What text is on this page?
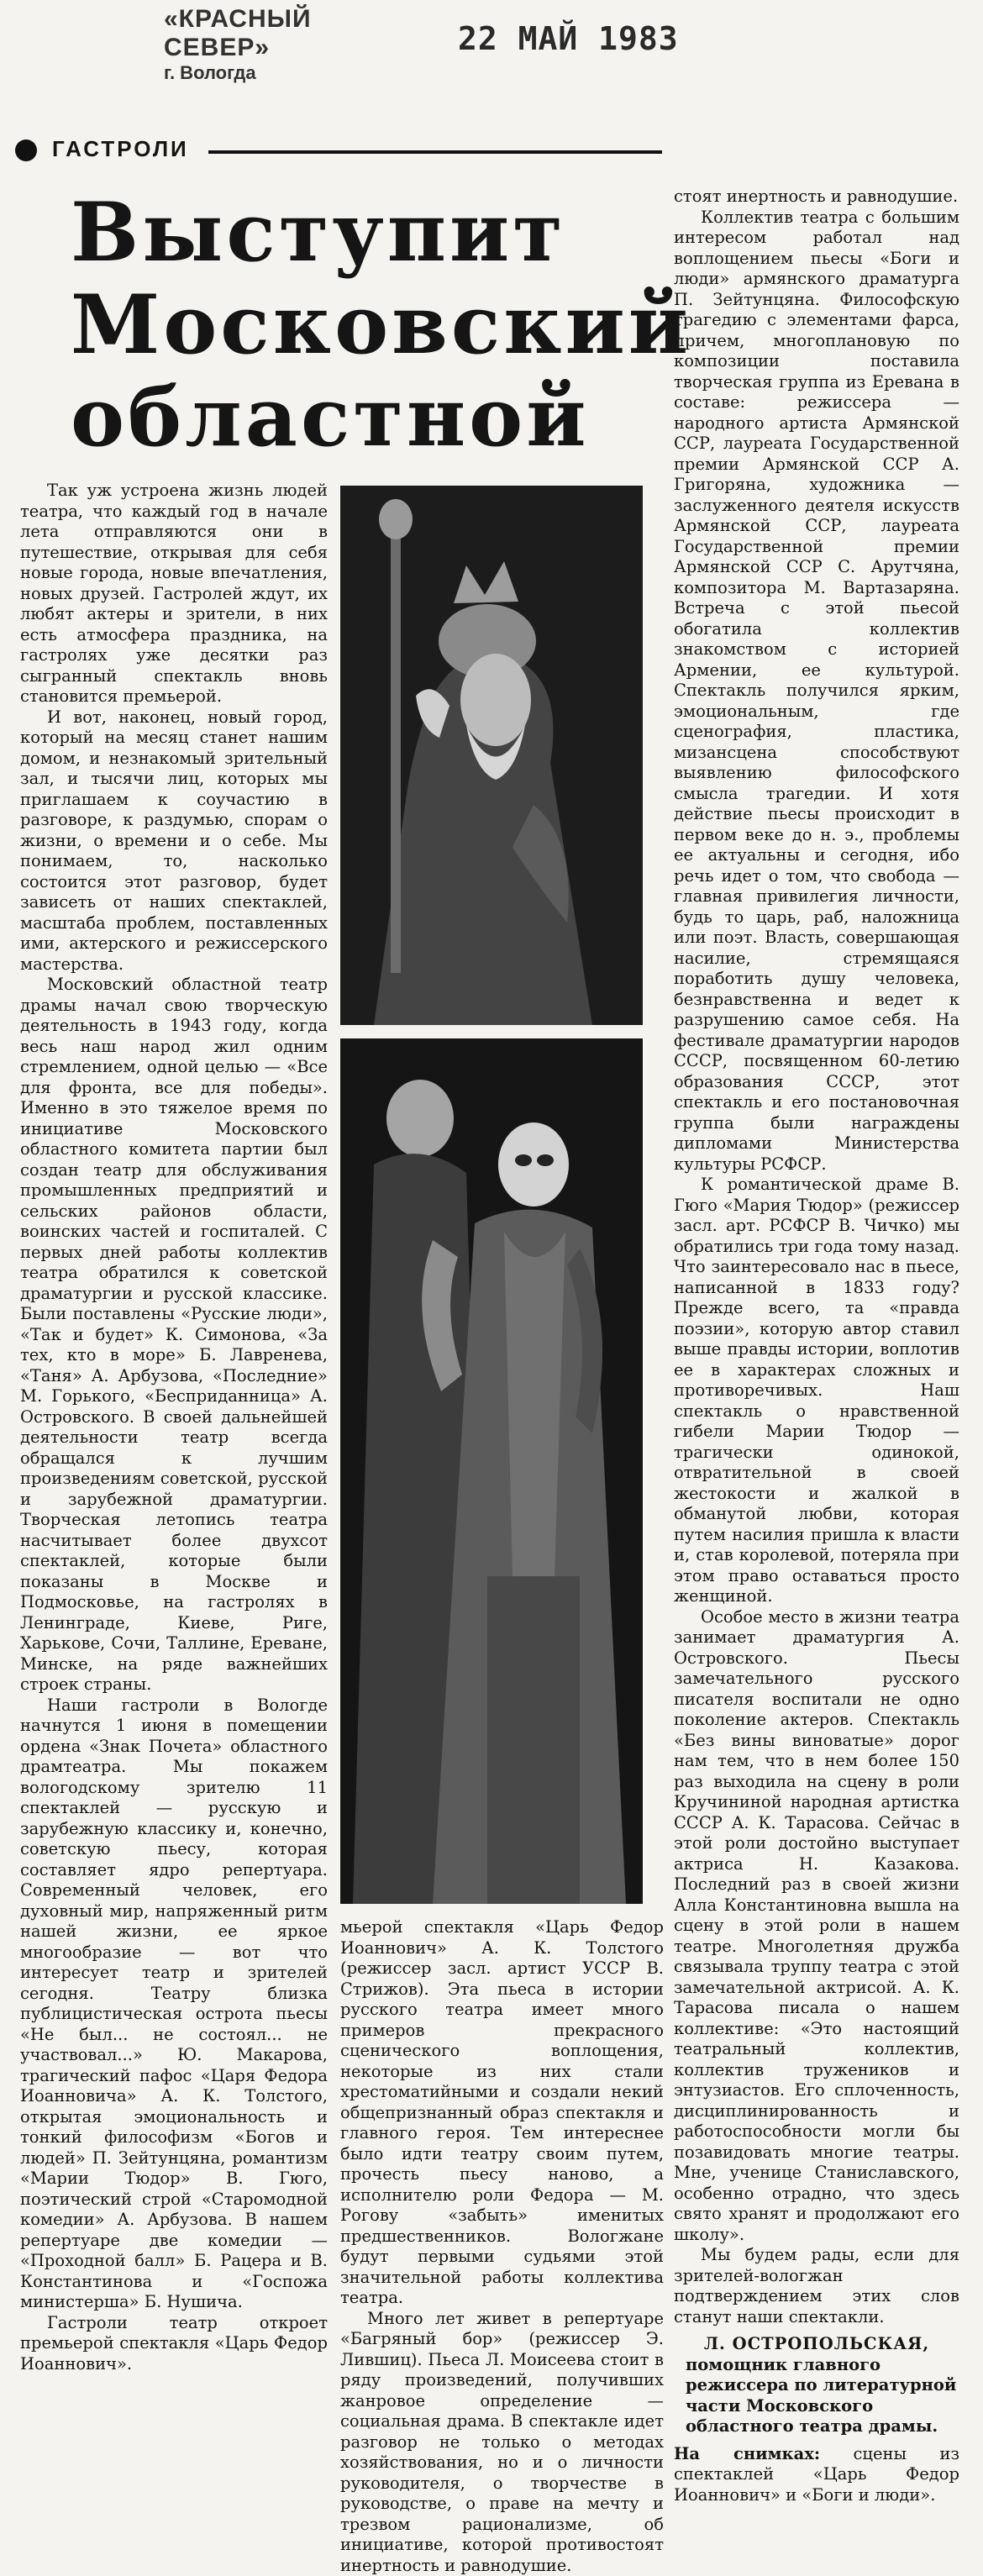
«КРАСНЫЙ СЕВЕР»
г. Вологда
22 МАЙ 1983
ГАСТРОЛИ
Выступит
Московский
областной

Так уж устроена жизнь людей театра, что каждый год в начале лета отправляются они в путешествие, открывая для себя новые города, новые впечатления, новых друзей. Гастролей ждут, их любят актеры и зрители, в них есть атмосфера праздника, на гастролях уже десятки раз сыгранный спектакль вновь становится премьерой.

И вот, наконец, новый город, который на месяц станет нашим домом, и незнакомый зрительный зал, и тысячи лиц, которых мы приглашаем к соучастию в разговоре, к раздумью, спорам о жизни, о времени и о себе. Мы понимаем, то, насколько состоится этот разговор, будет зависеть от наших спектаклей, масштаба проблем, поставленных ими, актерского и режиссерского мастерства.

Московский областной театр драмы начал свою творческую деятельность в 1943 году, когда весь наш народ жил одним стремлением, одной целью — «Все для фронта, все для победы». Именно в это тяжелое время по инициативе Московского областного комитета партии был создан театр для обслуживания промышленных предприятий и сельских районов области, воинских частей и госпиталей. С первых дней работы коллектив театра обратился к советской драматургии и русской классике. Были поставлены «Русские люди», «Так и будет» К. Симонова, «За тех, кто в море» Б. Лавренева, «Таня» А. Арбузова, «Последние» М. Горького, «Бесприданница» А. Островского. В своей дальнейшей деятельности театр всегда обращался к лучшим произведениям советской, русской и зарубежной драматургии. Творческая летопись театра насчитывает более двухсот спектаклей, которые были показаны в Москве и Подмосковье, на гастролях в Ленинграде, Киеве, Риге, Харькове, Сочи, Таллине, Ереване, Минске, на ряде важнейших строек страны.

Наши гастроли в Вологде начнутся 1 июня в помещении ордена «Знак Почета» областного драмтеатра. Мы покажем вологодскому зрителю 11 спектаклей — русскую и зарубежную классику и, конечно, советскую пьесу, которая составляет ядро репертуара. Современный человек, его духовный мир, напряженный ритм нашей жизни, ее яркое многообразие — вот что интересует театр и зрителей сегодня. Театру близка публицистическая острота пьесы «Не был... не состоял... не участвовал...» Ю. Макарова, трагический пафос «Царя Федора Иоанновича» А. К. Толстого, открытая эмоциональность и тонкий философизм «Богов и людей» П. Зейтунцяна, романтизм «Марии Тюдор» В. Гюго, поэтический строй «Старомодной комедии» А. Арбузова. В нашем репертуаре две комедии — «Проходной балл» Б. Рацера и В. Константинова и «Госпожа министерша» Б. Нушича.

Гастроли театр откроет премьерой спектакля «Царь Федор Иоаннович».

мьерой спектакля «Царь Федор Иоаннович» А. К. Толстого (режиссер засл. артист УССР В. Стрижов). Эта пьеса в истории русского театра имеет много примеров прекрасного сценического воплощения, некоторые из них стали хрестоматийными и создали некий общепризнанный образ спектакля и главного героя. Тем интереснее было идти театру своим путем, прочесть пьесу наново, а исполнителю роли Федора — М. Рогову «забыть» именитых предшественников. Вологжане будут первыми судьями этой значительной работы коллектива театра.

Много лет живет в репертуаре «Багряный бор» (режиссер Э. Лившиц). Пьеса Л. Моисеева стоит в ряду произведений, получивших жанровое определение — социальная драма. В спектакле идет разговор не только о методах хозяйствования, но и о личности руководителя, о творчестве в руководстве, о праве на мечту и трезвом рационализме, об инициативе, которой противостоят инертность и равнодушие.

стоят инертность и равнодушие.

Коллектив театра с большим интересом работал над воплощением пьесы «Боги и люди» армянского драматурга П. Зейтунцяна. Философскую трагедию с элементами фарса, причем, многоплановую по композиции поставила творческая группа из Еревана в составе: режиссера — народного артиста Армянской ССР, лауреата Государственной премии Армянской ССР А. Григоряна, художника — заслуженного деятеля искусств Армянской ССР, лауреата Государственной премии Армянской ССР С. Арутчяна, композитора М. Вартазаряна. Встреча с этой пьесой обогатила коллектив знакомством с историей Армении, ее культурой. Спектакль получился ярким, эмоциональным, где сценография, пластика, мизансцена способствуют выявлению философского смысла трагедии. И хотя действие пьесы происходит в первом веке до н. э., проблемы ее актуальны и сегодня, ибо речь идет о том, что свобода — главная привилегия личности, будь то царь, раб, наложница или поэт. Власть, совершающая насилие, стремящаяся поработить душу человека, безнравственна и ведет к разрушению самое себя. На фестивале драматургии народов СССР, посвященном 60-летию образования СССР, этот спектакль и его постановочная группа были награждены дипломами Министерства культуры РСФСР.

К романтической драме В. Гюго «Мария Тюдор» (режиссер засл. арт. РСФСР В. Чичко) мы обратились три года тому назад. Что заинтересовало нас в пьесе, написанной в 1833 году? Прежде всего, та «правда поэзии», которую автор ставил выше правды истории, воплотив ее в характерах сложных и противоречивых. Наш спектакль о нравственной гибели Марии Тюдор — трагически одинокой, отвратительной в своей жестокости и жалкой в обманутой любви, которая путем насилия пришла к власти и, став королевой, потеряла при этом право оставаться просто женщиной.

Особое место в жизни театра занимает драматургия А. Островского. Пьесы замечательного русского писателя воспитали не одно поколение актеров. Спектакль «Без вины виноватые» дорог нам тем, что в нем более 150 раз выходила на сцену в роли Кручининой народная артистка СССР А. К. Тарасова. Сейчас в этой роли достойно выступает актриса Н. Казакова. Последний раз в своей жизни Алла Константиновна вышла на сцену в этой роли в нашем театре. Многолетняя дружба связывала труппу театра с этой замечательной актрисой. А. К. Тарасова писала о нашем коллективе: «Это настоящий театральный коллектив, коллектив тружеников и энтузиастов. Его сплоченность, дисциплинированность и работоспособности могли бы позавидовать многие театры. Мне, ученице Станиславского, особенно отрадно, что здесь свято хранят и продолжают его школу».

Мы будем рады, если для зрителей-вологжан подтверждением этих слов станут наши спектакли.

Л. ОСТРОПОЛЬСКАЯ,
помощник главного режиссера по литературной части Московского областного театра драмы.

На снимках: сцены из спектаклей «Царь Федор Иоаннович» и «Боги и люди».
